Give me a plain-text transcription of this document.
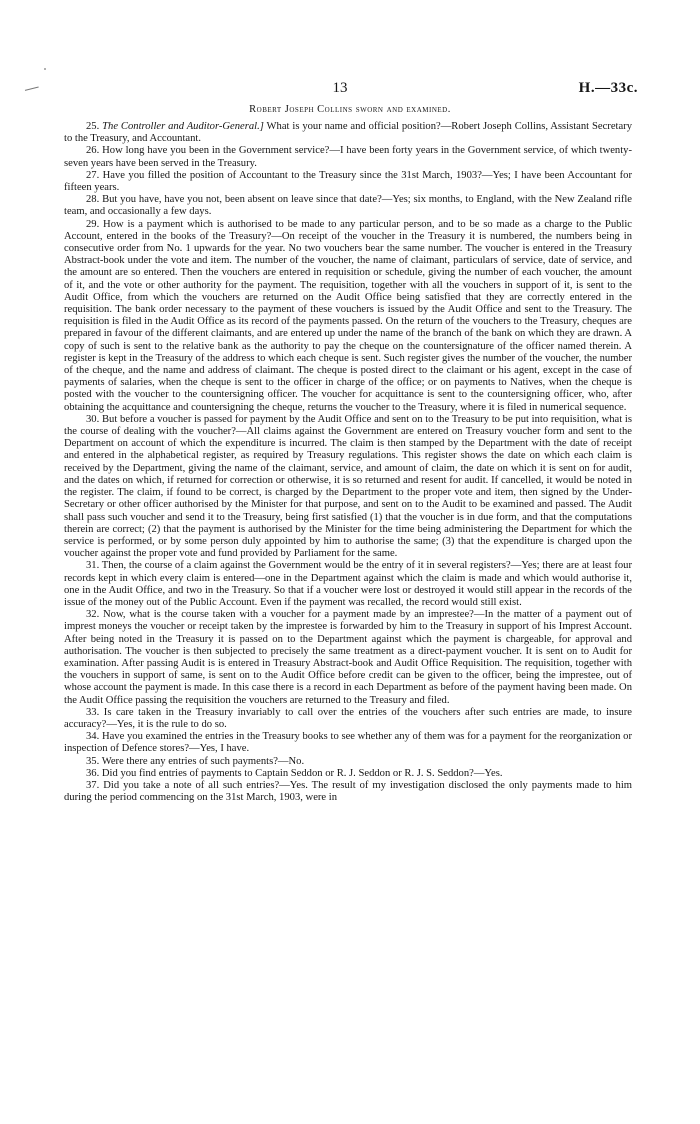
13	H.—33c.
Robert Joseph Collins sworn and examined.

25. The Controller and Auditor-General.] What is your name and official position?—Robert Joseph Collins, Assistant Secretary to the Treasury, and Accountant.

26. How long have you been in the Government service?—I have been forty years in the Government service, of which twenty-seven years have been served in the Treasury.

27. Have you filled the position of Accountant to the Treasury since the 31st March, 1903?—Yes; I have been Accountant for fifteen years.

28. But you have, have you not, been absent on leave since that date?—Yes; six months, to England, with the New Zealand rifle team, and occasionally a few days.

29. How is a payment which is authorised to be made to any particular person, and to be so made as a charge to the Public Account, entered in the books of the Treasury?—On receipt of the voucher in the Treasury it is numbered, the numbers being in consecutive order from No. 1 upwards for the year. No two vouchers bear the same number. The voucher is entered in the Treasury Abstract-book under the vote and item. The number of the voucher, the name of claimant, particulars of service, date of service, and the amount are so entered. Then the vouchers are entered in requisition or schedule, giving the number of each voucher, the amount of it, and the vote or other authority for the payment. The requisition, together with all the vouchers in support of it, is sent to the Audit Office, from which the vouchers are returned on the Audit Office being satisfied that they are correctly entered in the requisition. The bank order necessary to the payment of these vouchers is issued by the Audit Office and sent to the Treasury. The requisition is filed in the Audit Office as its record of the payments passed. On the return of the vouchers to the Treasury, cheques are prepared in favour of the different claimants, and are entered up under the name of the branch of the bank on which they are drawn. A copy of such is sent to the relative bank as the authority to pay the cheque on the countersignature of the officer named therein. A register is kept in the Treasury of the address to which each cheque is sent. Such register gives the number of the voucher, the number of the cheque, and the name and address of claimant. The cheque is posted direct to the claimant or his agent, except in the case of payments of salaries, when the cheque is sent to the officer in charge of the office; or on payments to Natives, when the cheque is posted with the voucher to the countersigning officer. The voucher for acquittance is sent to the countersigning officer, who, after obtaining the acquittance and countersigning the cheque, returns the voucher to the Treasury, where it is filed in numerical sequence.

30. But before a voucher is passed for payment by the Audit Office and sent on to the Treasury to be put into requisition, what is the course of dealing with the voucher?—All claims against the Government are entered on Treasury voucher form and sent to the Department on account of which the expenditure is incurred. The claim is then stamped by the Department with the date of receipt and entered in the alphabetical register, as required by Treasury regulations. This register shows the date on which each claim is received by the Department, giving the name of the claimant, service, and amount of claim, the date on which it is sent on for audit, and the dates on which, if returned for correction or otherwise, it is so returned and resent for audit. If cancelled, it would be noted in the register. The claim, if found to be correct, is charged by the Department to the proper vote and item, then signed by the Under-Secretary or other officer authorised by the Minister for that purpose, and sent on to the Audit to be examined and passed. The Audit shall pass such voucher and send it to the Treasury, being first satisfied (1) that the voucher is in due form, and that the computations therein are correct; (2) that the payment is authorised by the Minister for the time being administering the Department for which the service is performed, or by some person duly appointed by him to authorise the same; (3) that the expenditure is charged upon the voucher against the proper vote and fund provided by Parliament for the same.

31. Then, the course of a claim against the Government would be the entry of it in several registers?—Yes; there are at least four records kept in which every claim is entered—one in the Department against which the claim is made and which would authorise it, one in the Audit Office, and two in the Treasury. So that if a voucher were lost or destroyed it would still appear in the records of the issue of the money out of the Public Account. Even if the payment was recalled, the record would still exist.

32. Now, what is the course taken with a voucher for a payment made by an imprestee?—In the matter of a payment out of imprest moneys the voucher or receipt taken by the imprestee is forwarded by him to the Treasury in support of his Imprest Account. After being noted in the Treasury it is passed on to the Department against which the payment is chargeable, for approval and authorisation. The voucher is then subjected to precisely the same treatment as a direct-payment voucher. It is sent on to Audit for examination. After passing Audit is is entered in Treasury Abstract-book and Audit Office Requisition. The requisition, together with the vouchers in support of same, is sent on to the Audit Office before credit can be given to the officer, being the imprestee, out of whose account the payment is made. In this case there is a record in each Department as before of the payment having been made. On the Audit Office passing the requisition the vouchers are returned to the Treasury and filed.

33. Is care taken in the Treasury invariably to call over the entries of the vouchers after such entries are made, to insure accuracy?—Yes, it is the rule to do so.

34. Have you examined the entries in the Treasury books to see whether any of them was for a payment for the reorganization or inspection of Defence stores?—Yes, I have.

35. Were there any entries of such payments?—No.

36. Did you find entries of payments to Captain Seddon or R. J. Seddon or R. J. S. Seddon?—Yes.

37. Did you take a note of all such entries?—Yes. The result of my investigation disclosed the only payments made to him during the period commencing on the 31st March, 1903, were in
